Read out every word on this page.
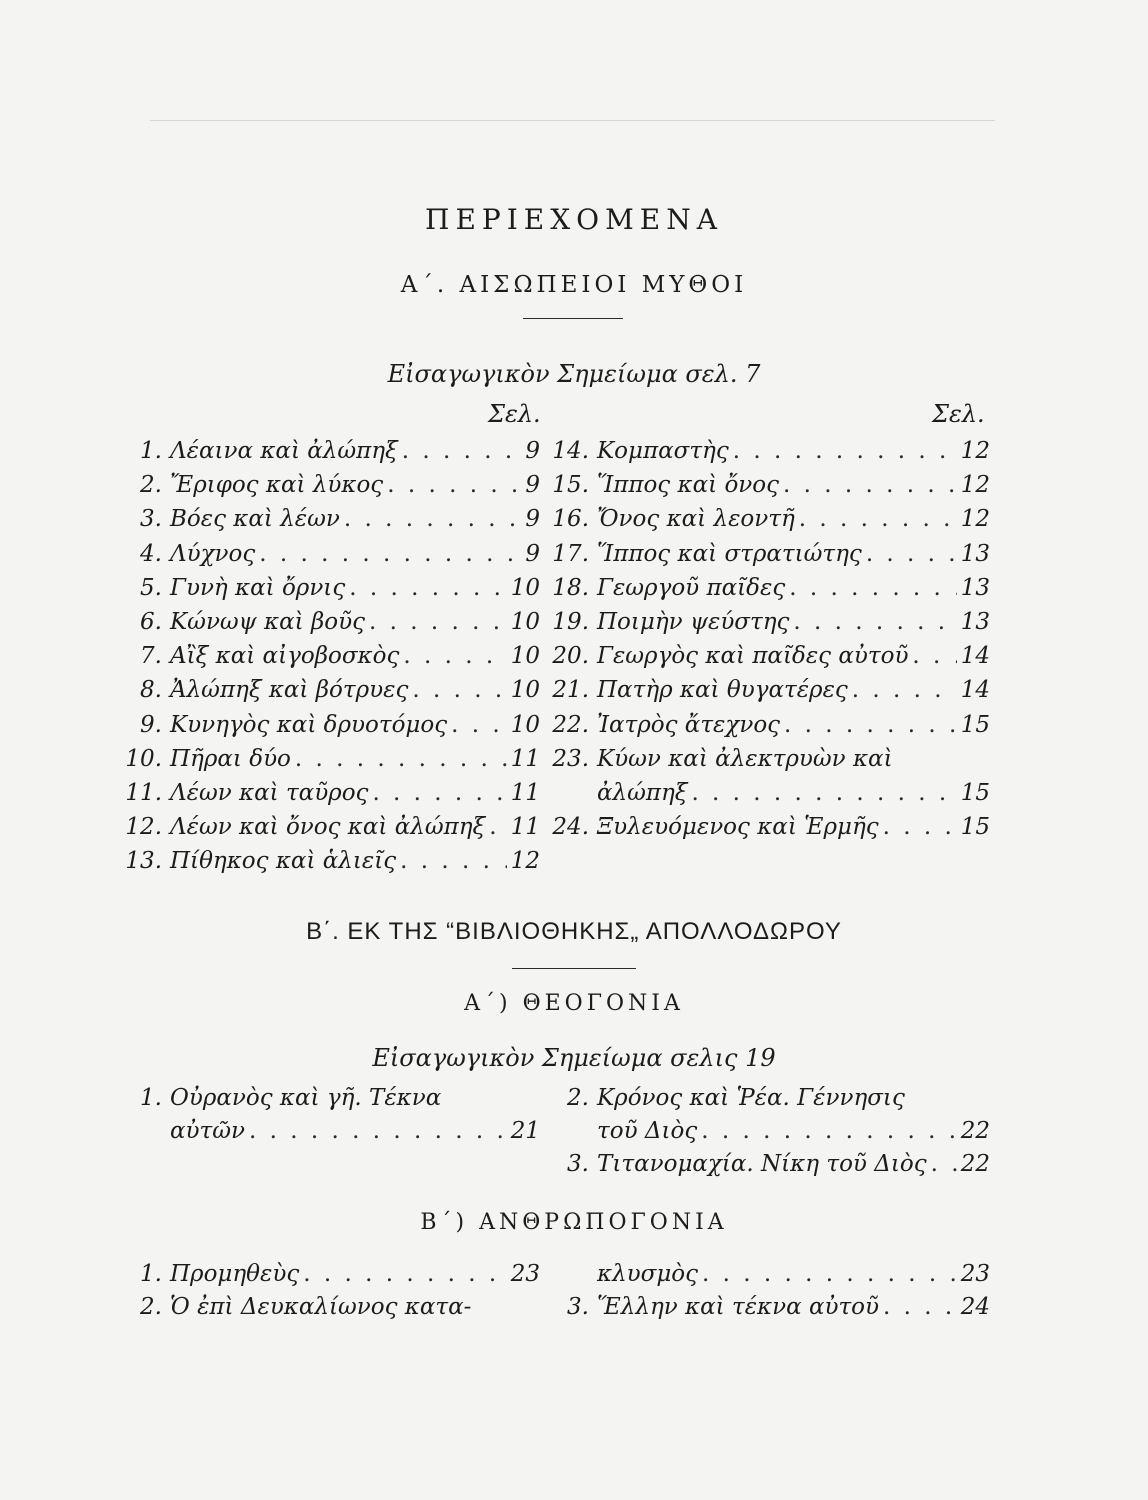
ΠΕΡΙΕΧΟΜΕΝΑ
Α΄. ΑΙΣΩΠΕΙΟΙ ΜΥΘΟΙ
Εἰσαγωγικὸν Σημείωμα σελ. 7
Σελ.	Σελ.
1. Λέαινα καὶ ἀλώπηξ . . .	9
2. Ἔριφος καὶ λύκος . . .	9
3. Βόες καὶ λέων . . .	9
4. Λύχνος . . .	9
5. Γυνὴ καὶ ὄρνις . . .	10
6. Κώνωψ καὶ βοῦς . . .	10
7. Αἲξ καὶ αἰγοβοσκὸς . . .	10
8. Ἀλώπηξ καὶ βότρυες . . .	10
9. Κυνηγὸς καὶ δρυοτόμος . . .	10
10. Πῆραι δύο . . .	11
11. Λέων καὶ ταῦρος . . .	11
12. Λέων καὶ ὄνος καὶ ἀλώπηξ . . . 11
13. Πίθηκος καὶ ἁλιεῖς . . .	12
14. Κομπαστὴς . . .	12
15. Ἵππος καὶ ὄνος . . .	12
16. Ὄνος καὶ λεοντῆ . . .	12
17. Ἵππος καὶ στρατιώτης . . .	13
18. Γεωργοῦ παῖδες . . .	13
19. Ποιμὴν ψεύστης . . .	13
20. Γεωργὸς καὶ παῖδες αὐτοῦ . . . 14
21. Πατὴρ καὶ θυγατέρες . . .	14
22. Ἰατρὸς ἄτεχνος . . .	15
23. Κύων καὶ ἀλεκτρυὼν καὶ
ἀλώπηξ . . .	15
24. Ξυλευόμενος καὶ Ἑρμῆς . . .	15
Β΄. ΕΚ ΤΗΣ “ΒΙΒΛΙΟΘΗΚΗΣ„ ΑΠΟΛΛΟΔΩΡΟΥ
Α΄) ΘΕΟΓΟΝΙΑ
Εἰσαγωγικὸν Σημείωμα σελις 19
1. Οὐρανὸς καὶ γῆ. Τέκνα
αὐτῶν . . .	21
2. Κρόνος καὶ Ῥέα. Γέννησις
τοῦ Διὸς . . .	22
3. Τιτανομαχία. Νίκη τοῦ Διὸς . . . 22
Β΄) ΑΝΘΡΩΠΟΓΟΝΙΑ
1. Προμηθεὺς . . .	23
2. Ὁ ἐπὶ Δευκαλίωνος κατα-
κλυσμὸς . . .	23
3. Ἕλλην καὶ τέκνα αὐτοῦ . . .	24
